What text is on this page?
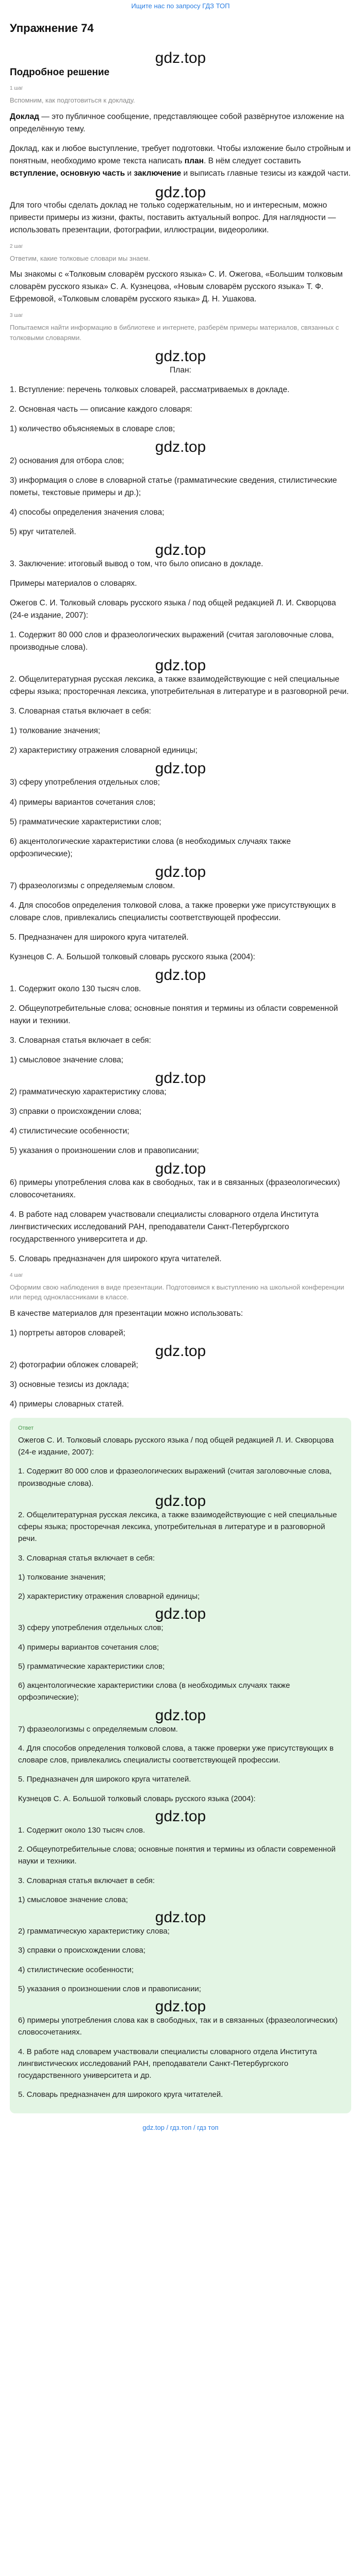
Ищите нас по запросу ГДЗ ТОП
Упражнение 74
gdz.top
Подробное решение
1 шаг
Вспомним, как подготовиться к докладу.

Доклад — это публичное сообщение, представляющее собой развёрнутое изложение на определённую тему.

Доклад, как и любое выступление, требует подготовки. Чтобы изложение было стройным и понятным, необходимо кроме текста написать план. В нём следует составить вступление, основную часть и заключение и выписать главные тезисы из каждой части.

gdz.top

Для того чтобы сделать доклад не только содержательным, но и интересным, можно привести примеры из жизни, факты, поставить актуальный вопрос. Для наглядности — использовать презентации, фотографии, иллюстрации, видеоролики.

2 шаг
Ответим, какие толковые словари мы знаем.

Мы знакомы с «Толковым словарём русского языка» С. И. Ожегова, «Большим толковым словарём русского языка» С. А. Кузнецова, «Новым словарём русского языка» Т. Ф. Ефремовой, «Толковым словарём русского языка» Д. Н. Ушакова.

3 шаг
Попытаемся найти информацию в библиотеке и интернете, разберём примеры материалов, связанных с толковыми словарями.
gdz.top

План:

1. Вступление: перечень толковых словарей, рассматриваемых в докладе.

2. Основная часть — описание каждого словаря:

1) количество объясняемых в словаре слов;

gdz.top

2) основания для отбора слов;

3) информация о слове в словарной статье (грамматические сведения, стилистические пометы, текстовые примеры и др.);

4) способы определения значения слова;

5) круг читателей.

gdz.top

3. Заключение: итоговый вывод о том, что было описано в докладе.

Примеры материалов о словарях.

Ожегов С. И. Толковый словарь русского языка / под общей редакцией Л. И. Скворцова (24-е издание, 2007):

1. Содержит 80 000 слов и фразеологических выражений (считая заголовочные слова, производные слова).

gdz.top

2. Общелитературная русская лексика, а также взаимодействующие с ней специальные сферы языка; просторечная лексика, употребительная в литературе и в разговорной речи.

3. Словарная статья включает в себя:

1) толкование значения;

2) характеристику отражения словарной единицы;

gdz.top

3) сферу употребления отдельных слов;

4) примеры вариантов сочетания слов;

5) грамматические характеристики слов;

6) акцентологические характеристики слова (в необходимых случаях также орфоэпические);

gdz.top

7) фразеологизмы с определяемым словом.

4. Для способов определения толковой слова, а также проверки уже присутствующих в словаре слов, привлекались специалисты соответствующей профессии.

5. Предназначен для широкого круга читателей.

Кузнецов С. А. Большой толковый словарь русского языка (2004):

gdz.top

1. Содержит около 130 тысяч слов.

2. Общеупотребительные слова; основные понятия и термины из области современной науки и техники.

3. Словарная статья включает в себя:

1) смысловое значение слова;

gdz.top

2) грамматическую характеристику слова;

3) справки о происхождении слова;

4) стилистические особенности;

5) указания о произношении слов и правописании;

gdz.top

6) примеры употребления слова как в свободных, так и в связанных (фразеологических) словосочетаниях.

4. В работе над словарем участвовали специалисты словарного отдела Института лингвистических исследований РАН, преподаватели Санкт-Петербургского государственного университета и др.

5. Словарь предназначен для широкого круга читателей.

4 шаг
Оформим свою наблюдения в виде презентации. Подготовимся к выступлению на школьной конференции или перед одноклассниками в классе.

В качестве материалов для презентации можно использовать:

1) портреты авторов словарей;

gdz.top

2) фотографии обложек словарей;

3) основные тезисы из доклада;

4) примеры словарных статей.

Ответ

Ожегов С. И. Толковый словарь русского языка / под общей редакцией Л. И. Скворцова (24-е издание, 2007):

1. Содержит 80 000 слов и фразеологических выражений (считая заголовочные слова, производные слова).

gdz.top

2. Общелитературная русская лексика, а также взаимодействующие с ней специальные сферы языка; просторечная лексика, употребительная в литературе и в разговорной речи.

3. Словарная статья включает в себя:

1) толкование значения;

2) характеристику отражения словарной единицы;

gdz.top

3) сферу употребления отдельных слов;

4) примеры вариантов сочетания слов;

5) грамматические характеристики слов;

6) акцентологические характеристики слова (в необходимых случаях также орфоэпические);

gdz.top

7) фразеологизмы с определяемым словом.

4. Для способов определения толковой слова, а также проверки уже присутствующих в словаре слов, привлекались специалисты соответствующей профессии.

5. Предназначен для широкого круга читателей.

Кузнецов С. А. Большой толковый словарь русского языка (2004):

gdz.top

1. Содержит около 130 тысяч слов.

2. Общеупотребительные слова; основные понятия и термины из области современной науки и техники.

3. Словарная статья включает в себя:

1) смысловое значение слова;

gdz.top

2) грамматическую характеристику слова;

3) справки о происхождении слова;

4) стилистические особенности;

5) указания о произношении слов и правописании;

gdz.top

6) примеры употребления слова как в свободных, так и в связанных (фразеологических) словосочетаниях.

4. В работе над словарем участвовали специалисты словарного отдела Института лингвистических исследований РАН, преподаватели Санкт-Петербургского государственного университета и др.

5. Словарь предназначен для широкого круга читателей.

gdz.top / гдз.топ / гдз топ
